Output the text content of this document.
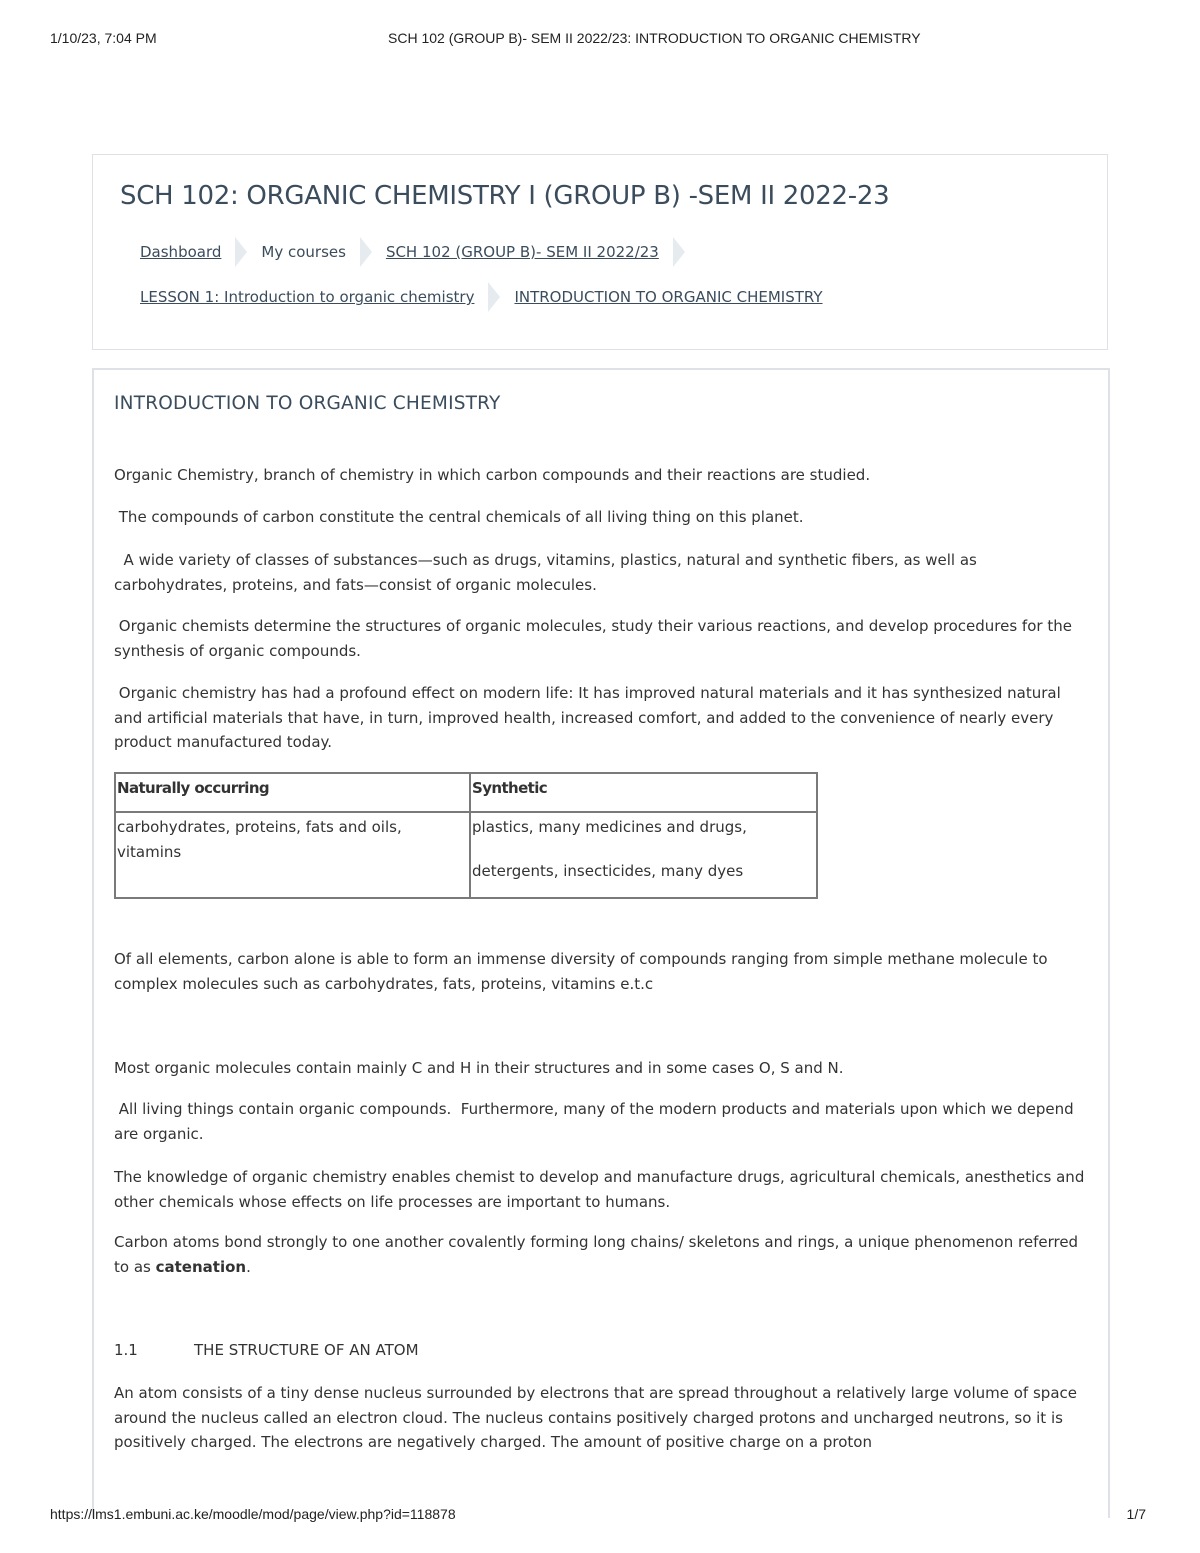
1/10/23, 7:04 PM	SCH 102 (GROUP B)- SEM II 2022/23: INTRODUCTION TO ORGANIC CHEMISTRY
SCH 102: ORGANIC CHEMISTRY I (GROUP B) -SEM II 2022-23
Dashboard	My courses	SCH 102 (GROUP B)- SEM II 2022/23
LESSON 1: Introduction to organic chemistry	INTRODUCTION TO ORGANIC CHEMISTRY
INTRODUCTION TO ORGANIC CHEMISTRY

Organic Chemistry, branch of chemistry in which carbon compounds and their reactions are studied.

The compounds of carbon constitute the central chemicals of all living thing on this planet.

A wide variety of classes of substances—such as drugs, vitamins, plastics, natural and synthetic fibers, as well as carbohydrates, proteins, and fats—consist of organic molecules.

Organic chemists determine the structures of organic molecules, study their various reactions, and develop procedures for the synthesis of organic compounds.

Organic chemistry has had a profound effect on modern life: It has improved natural materials and it has synthesized natural and artificial materials that have, in turn, improved health, increased comfort, and added to the convenience of nearly every product manufactured today.

Naturally occurring	Synthetic
carbohydrates, proteins, fats and oils, vitamins	plastics, many medicines and drugs,
detergents, insecticides, many dyes

Of all elements, carbon alone is able to form an immense diversity of compounds ranging from simple methane molecule to complex molecules such as carbohydrates, fats, proteins, vitamins e.t.c

Most organic molecules contain mainly C and H in their structures and in some cases O, S and N.

All living things contain organic compounds.  Furthermore, many of the modern products and materials upon which we depend are organic.

The knowledge of organic chemistry enables chemist to develop and manufacture drugs, agricultural chemicals, anesthetics and other chemicals whose effects on life processes are important to humans.

Carbon atoms bond strongly to one another covalently forming long chains/ skeletons and rings, a unique phenomenon referred to as catenation.

1.1	THE STRUCTURE OF AN ATOM

An atom consists of a tiny dense nucleus surrounded by electrons that are spread throughout a relatively large volume of space around the nucleus called an electron cloud. The nucleus contains positively charged protons and uncharged neutrons, so it is positively charged. The electrons are negatively charged. The amount of positive charge on a proton

https://lms1.embuni.ac.ke/moodle/mod/page/view.php?id=118878	1/7
